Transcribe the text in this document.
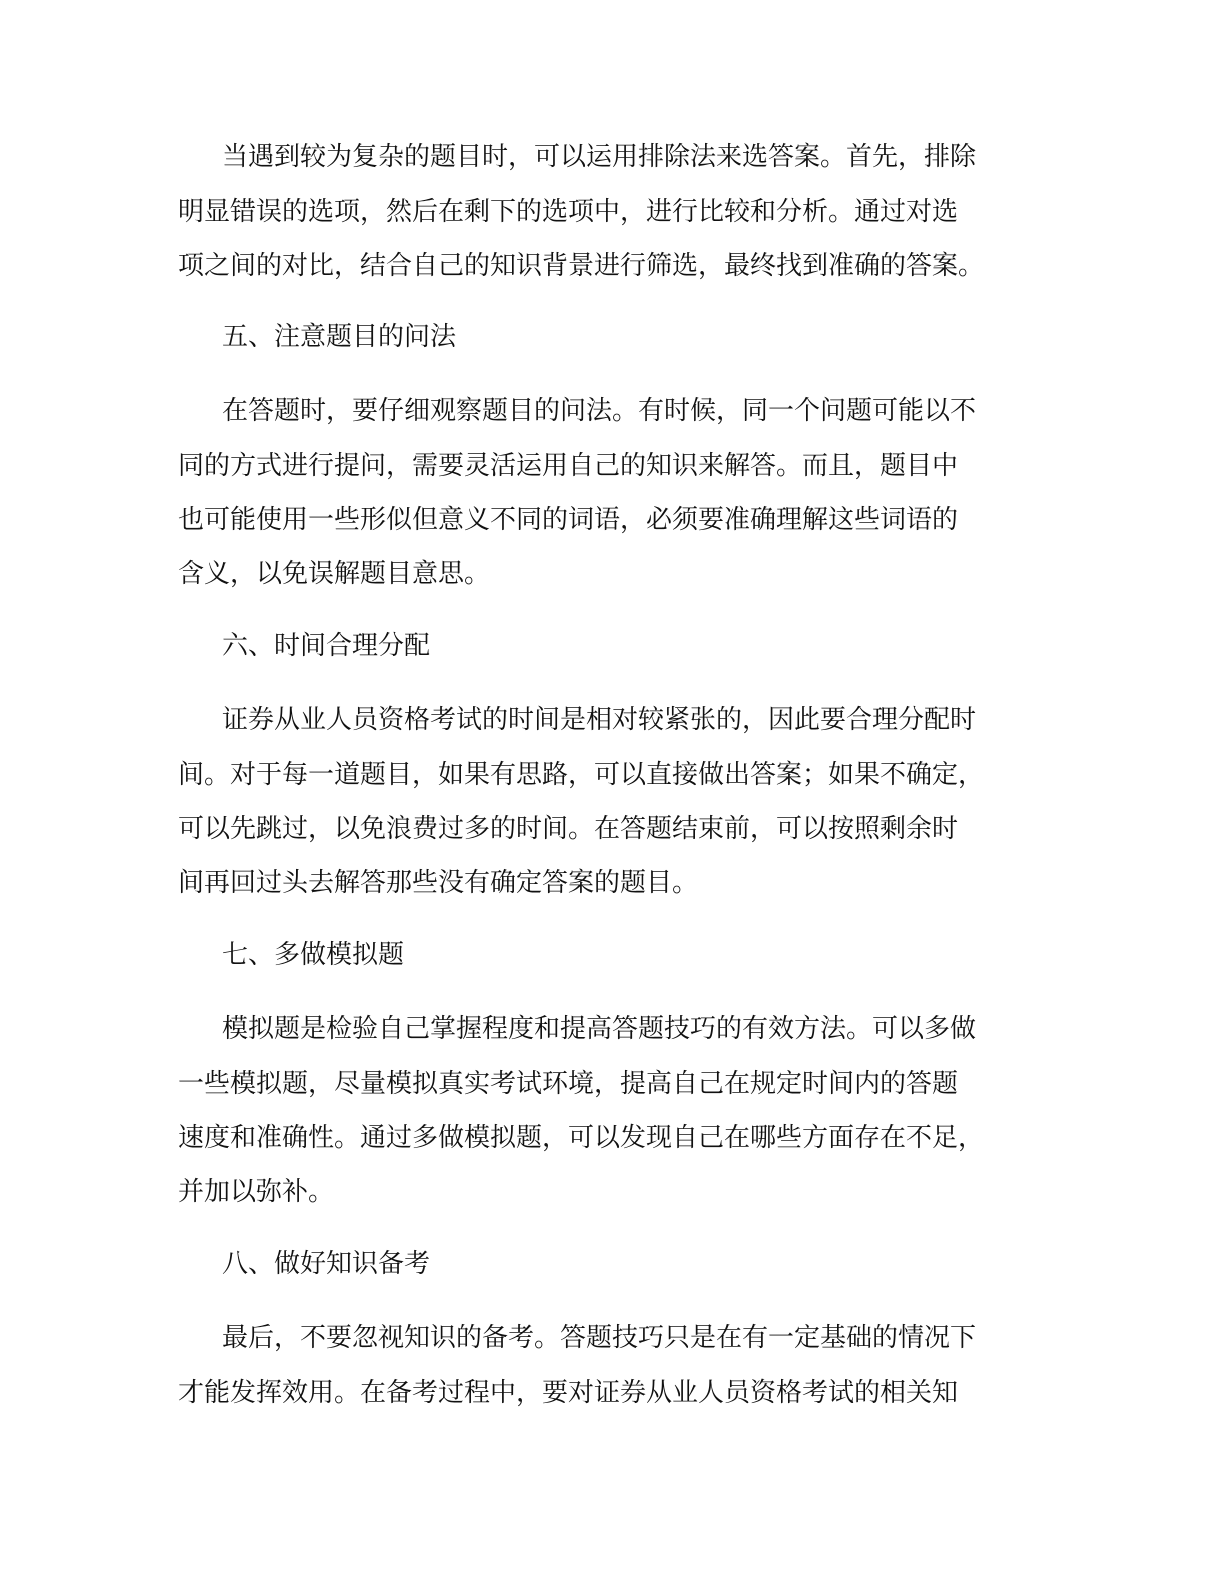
当遇到较为复杂的题目时，可以运用排除法来选答案。首先，排除
明显错误的选项，然后在剩下的选项中，进行比较和分析。通过对选
项之间的对比，结合自己的知识背景进行筛选，最终找到准确的答案。
五、注意题目的问法
在答题时，要仔细观察题目的问法。有时候，同一个问题可能以不
同的方式进行提问，需要灵活运用自己的知识来解答。而且，题目中
也可能使用一些形似但意义不同的词语，必须要准确理解这些词语的
含义，以免误解题目意思。
六、时间合理分配
证券从业人员资格考试的时间是相对较紧张的，因此要合理分配时
间。对于每一道题目，如果有思路，可以直接做出答案；如果不确定，
可以先跳过，以免浪费过多的时间。在答题结束前，可以按照剩余时
间再回过头去解答那些没有确定答案的题目。
七、多做模拟题
模拟题是检验自己掌握程度和提高答题技巧的有效方法。可以多做
一些模拟题，尽量模拟真实考试环境，提高自己在规定时间内的答题
速度和准确性。通过多做模拟题，可以发现自己在哪些方面存在不足，
并加以弥补。
八、做好知识备考
最后，不要忽视知识的备考。答题技巧只是在有一定基础的情况下
才能发挥效用。在备考过程中，要对证券从业人员资格考试的相关知
